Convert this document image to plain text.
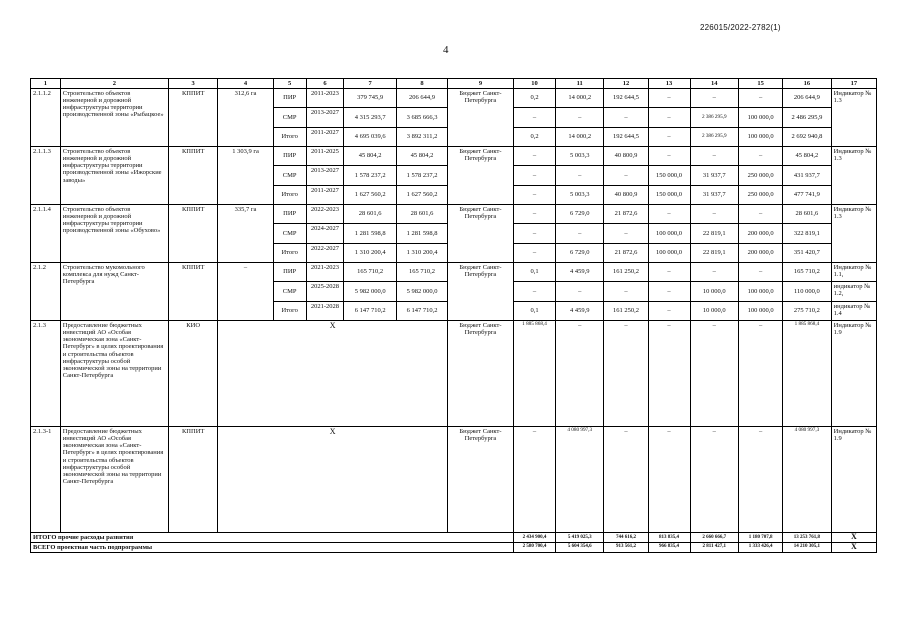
226015/2022-2782(1)
4
1	2	3	4	5	6	7	8	9	10	11	12	13	14	15	16	17
2.1.1.2	Строительство объектов инженерной и дорожной инфраструктуры территории производственной зоны «Рыбацкое»	КППИТ	312,6 га	ПИР	2011-2023	379 745,9	206 644,9	Бюджет Санкт-Петербурга	0,2	14 000,2	192 644,5	–	–	–	206 644,9	Индикатор № 1.3
				СМР	2013-2027	4 315 293,7	3 685 666,3		–	–	–	–	2 386 295,9	100 000,0	2 486 295,9	
				Итого	2011-2027	4 695 039,6	3 892 311,2		0,2	14 000,2	192 644,5	–	2 386 295,9	100 000,0	2 692 940,8	
2.1.1.3	Строительство объектов инженерной и дорожной инфраструктуры территории производственной зоны «Ижорские заводы»	КППИТ	1 303,9 га	ПИР	2011-2025	45 804,2	45 804,2	Бюджет Санкт-Петербурга	–	5 003,3	40 800,9	–	–	–	45 804,2	Индикатор № 1.3
				СМР	2013-2027	1 578 237,2	1 578 237,2		–	–	–	150 000,0	31 937,7	250 000,0	431 937,7	
				Итого	2011-2027	1 627 560,2	1 627 560,2		–	5 003,3	40 800,9	150 000,0	31 937,7	250 000,0	477 741,9	
2.1.1.4	Строительство объектов инженерной и дорожной инфраструктуры территории производственной зоны «Обухово»	КППИТ	335,7 га	ПИР	2022-2023	28 601,6	28 601,6	Бюджет Санкт-Петербурга	–	6 729,0	21 872,6	–	–	–	28 601,6	Индикатор № 1.3
				СМР	2024-2027	1 281 598,8	1 281 598,8		–	–	–	100 000,0	22 819,1	200 000,0	322 819,1	
				Итого	2022-2027	1 310 200,4	1 310 200,4		–	6 729,0	21 872,6	100 000,0	22 819,1	200 000,0	351 420,7	
2.1.2	Строительство мукомольного комплекса для нужд Санкт-Петербурга	КППИТ	–	ПИР	2021-2023	165 710,2	165 710,2	Бюджет Санкт-Петербурга	0,1	4 459,9	161 250,2	–	–	–	165 710,2	Индикатор № 1.1,
				СМР	2025-2028	5 982 000,0	5 982 000,0		–	–	–	–	10 000,0	100 000,0	110 000,0	индикатор № 1.2,
				Итого	2021-2028	6 147 710,2	6 147 710,2		0,1	4 459,9	161 250,2	–	10 000,0	100 000,0	275 710,2	индикатор № 1.4
2.1.3	Предоставление бюджетных инвестиций АО «Особая экономическая зона «Санкт-Петербург» в целях проектирования и строительства объектов инфраструктуры особой экономической зоны на территории Санкт-Петербурга	КИО	Х					Бюджет Санкт-Петербурга	1 885 868,4	–	–	–	–	–	1 885 868,4	Индикатор № 1.9
2.1.3-1	Предоставление бюджетных инвестиций АО «Особая экономическая зона «Санкт-Петербург» в целях проектирования и строительства объектов инфраструктуры особой экономической зоны на территории Санкт-Петербурга	КППИТ	Х					Бюджет Санкт-Петербурга	–	4 080 997,3	–	–	–	–	4 080 997,3	Индикатор № 1.9
ИТОГО прочие расходы развития									2 434 900,4	5 419 025,3	744 616,2	813 835,4	2 660 666,7	1 180 707,8	13 253 761,8	Х
ВСЕГО проектная часть подпрограммы									2 580 700,4	5 604 354,6	913 561,2	966 835,4	2 811 427,1	1 333 426,4	14 210 305,1	Х
